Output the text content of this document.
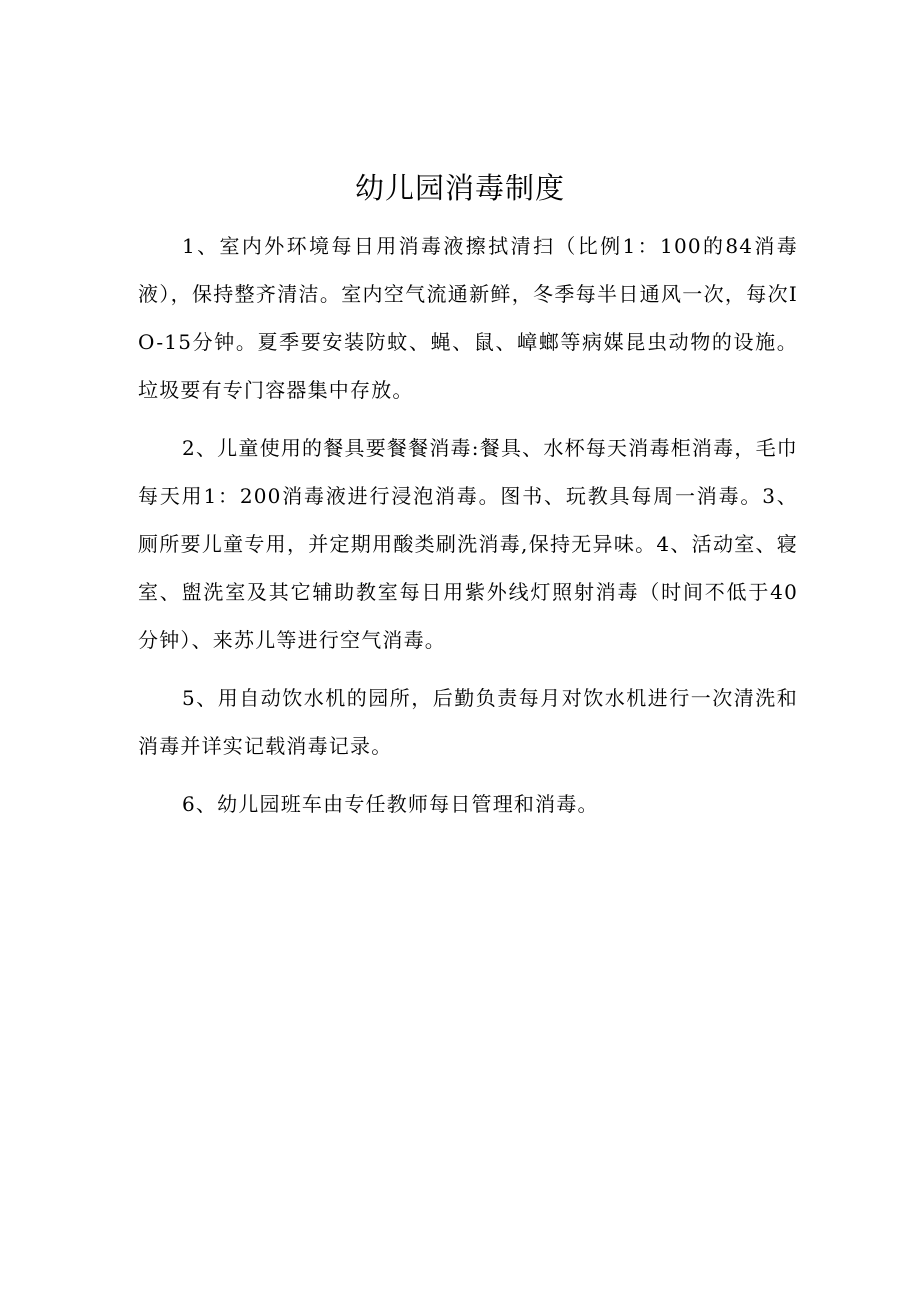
幼儿园消毒制度

1、室内外环境每日用消毒液擦拭清扫（比例1：100的84消毒液），保持整齐清洁。室内空气流通新鲜，冬季每半日通风一次，每次IO-15分钟。夏季要安装防蚊、蝇、鼠、嶂螂等病媒昆虫动物的设施。垃圾要有专门容器集中存放。

2、儿童使用的餐具要餐餐消毒:餐具、水杯每天消毒柜消毒，毛巾每天用1：200消毒液进行浸泡消毒。图书、玩教具每周一消毒。3、厕所要儿童专用，并定期用酸类刷洗消毒,保持无异味。4、活动室、寝室、盥洗室及其它辅助教室每日用紫外线灯照射消毒（时间不低于40分钟）、来苏儿等进行空气消毒。

5、用自动饮水机的园所，后勤负责每月对饮水机进行一次清洗和消毒并详实记载消毒记录。

6、幼儿园班车由专任教师每日管理和消毒。
